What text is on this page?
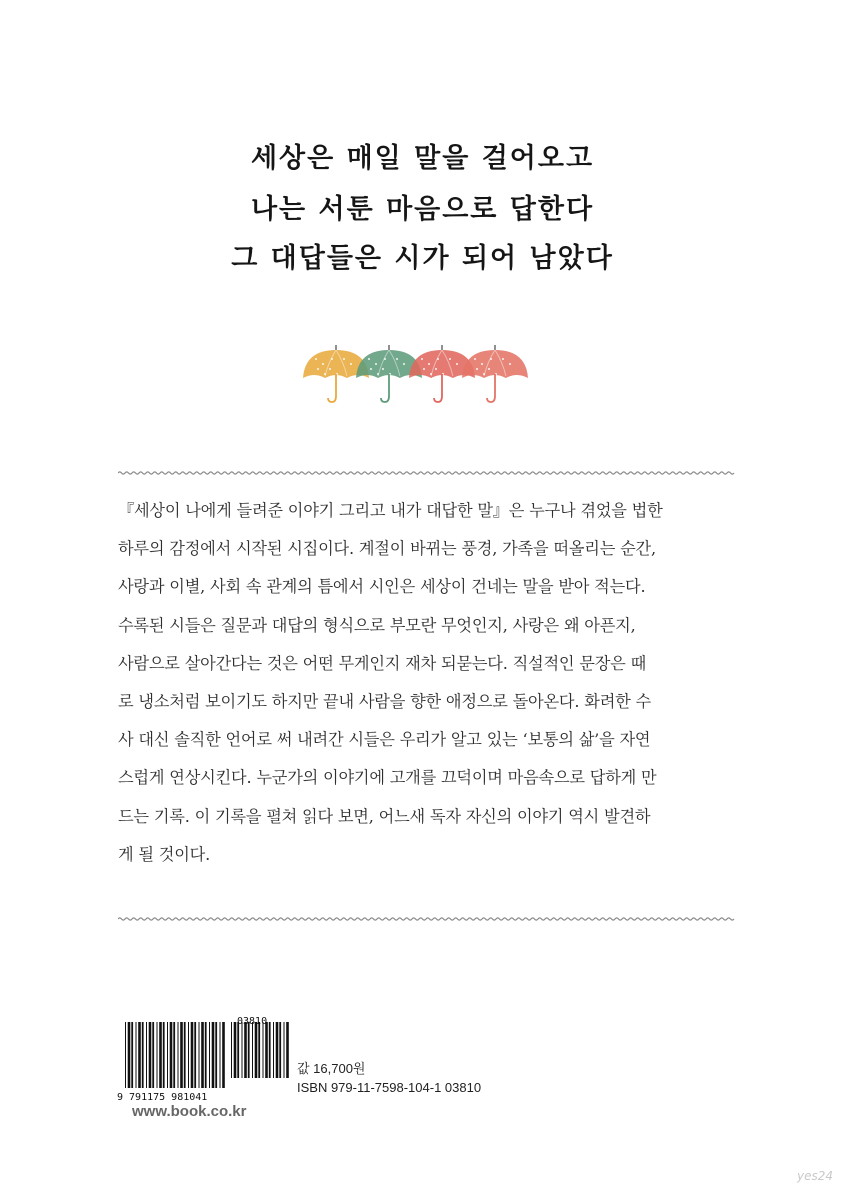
세상은 매일 말을 걸어오고
나는 서툰 마음으로 답한다
그 대답들은 시가 되어 남았다
『세상이 나에게 들려준 이야기 그리고 내가 대답한 말』은 누구나 겪었을 법한
하루의 감정에서 시작된 시집이다. 계절이 바뀌는 풍경, 가족을 떠올리는 순간,
사랑과 이별, 사회 속 관계의 틈에서 시인은 세상이 건네는 말을 받아 적는다.
수록된 시들은 질문과 대답의 형식으로 부모란 무엇인지, 사랑은 왜 아픈지,
사람으로 살아간다는 것은 어떤 무게인지 재차 되묻는다. 직설적인 문장은 때
로 냉소처럼 보이기도 하지만 끝내 사람을 향한 애정으로 돌아온다. 화려한 수
사 대신 솔직한 언어로 써 내려간 시들은 우리가 알고 있는 ‘보통의 삶’을 자연
스럽게 연상시킨다. 누군가의 이야기에 고개를 끄덕이며 마음속으로 답하게 만
드는 기록. 이 기록을 펼쳐 읽다 보면, 어느새 독자 자신의 이야기 역시 발견하
게 될 것이다.
9 791175 981041
03810
값 16,700원
ISBN 979-11-7598-104-1 03810
www.book.co.kr
yes24
